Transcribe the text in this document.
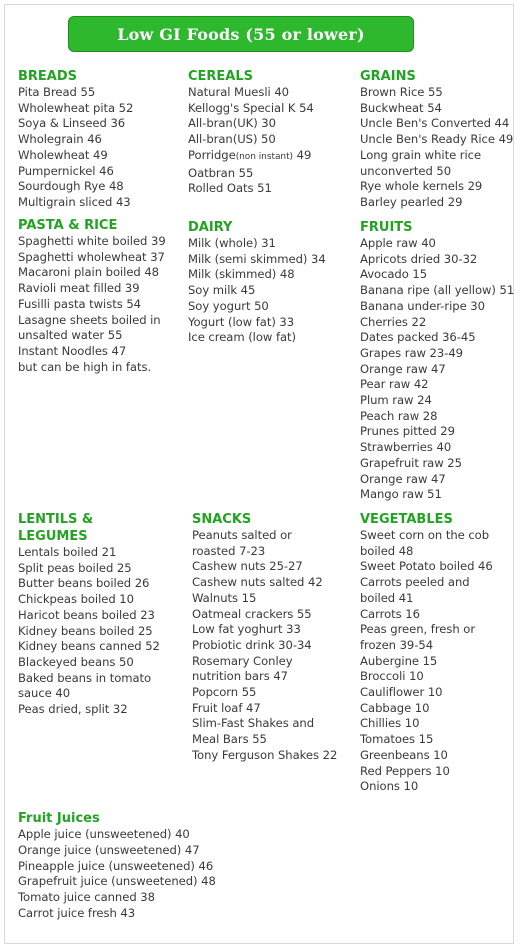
Low GI Foods (55 or lower)
BREADS
Pita Bread 55
Wholewheat pita 52
Soya & Linseed 36
Wholegrain 46
Wholewheat 49
Pumpernickel 46
Sourdough Rye 48
Multigrain sliced 43
CEREALS
Natural Muesli 40
Kellogg's Special K 54
All-bran(UK) 30
All-bran(US) 50
Porridge(non instant) 49
Oatbran 55
Rolled Oats 51
GRAINS
Brown Rice 55
Buckwheat 54
Uncle Ben's Converted 44
Uncle Ben's Ready Rice 49
Long grain white rice
unconverted 50
Rye whole kernels 29
Barley pearled 29
PASTA & RICE
Spaghetti white boiled 39
Spaghetti wholewheat 37
Macaroni plain boiled 48
Ravioli meat filled 39
Fusilli pasta twists 54
Lasagne sheets boiled in
unsalted water 55
Instant Noodles 47
but can be high in fats.
DAIRY
Milk (whole) 31
Milk (semi skimmed) 34
Milk (skimmed) 48
Soy milk 45
Soy yogurt 50
Yogurt (low fat) 33
Ice cream (low fat)
FRUITS
Apple raw 40
Apricots dried 30-32
Avocado 15
Banana ripe (all yellow) 51
Banana under-ripe 30
Cherries 22
Dates packed 36-45
Grapes raw 23-49
Orange raw 47
Pear raw 42
Plum raw 24
Peach raw 28
Prunes pitted 29
Strawberries 40
Grapefruit raw 25
Orange raw 47
Mango raw 51
LENTILS &
LEGUMES
Lentals boiled 21
Split peas boiled 25
Butter beans boiled 26
Chickpeas boiled 10
Haricot beans boiled 23
Kidney beans boiled 25
Kidney beans canned 52
Blackeyed beans 50
Baked beans in tomato
sauce 40
Peas dried, split 32
SNACKS
Peanuts salted or
roasted 7-23
Cashew nuts 25-27
Cashew nuts salted 42
Walnuts 15
Oatmeal crackers 55
Low fat yoghurt 33
Probiotic drink 30-34
Rosemary Conley
nutrition bars 47
Popcorn 55
Fruit loaf 47
Slim-Fast Shakes and
Meal Bars 55
Tony Ferguson Shakes 22
VEGETABLES
Sweet corn on the cob
boiled 48
Sweet Potato boiled 46
Carrots peeled and
boiled 41
Carrots 16
Peas green, fresh or
frozen 39-54
Aubergine 15
Broccoli 10
Cauliflower 10
Cabbage 10
Chillies 10
Tomatoes 15
Greenbeans 10
Red Peppers 10
Onions 10
Fruit Juices
Apple juice (unsweetened) 40
Orange juice (unsweetened) 47
Pineapple juice (unsweetened) 46
Grapefruit juice (unsweetened) 48
Tomato juice canned 38
Carrot juice fresh 43
